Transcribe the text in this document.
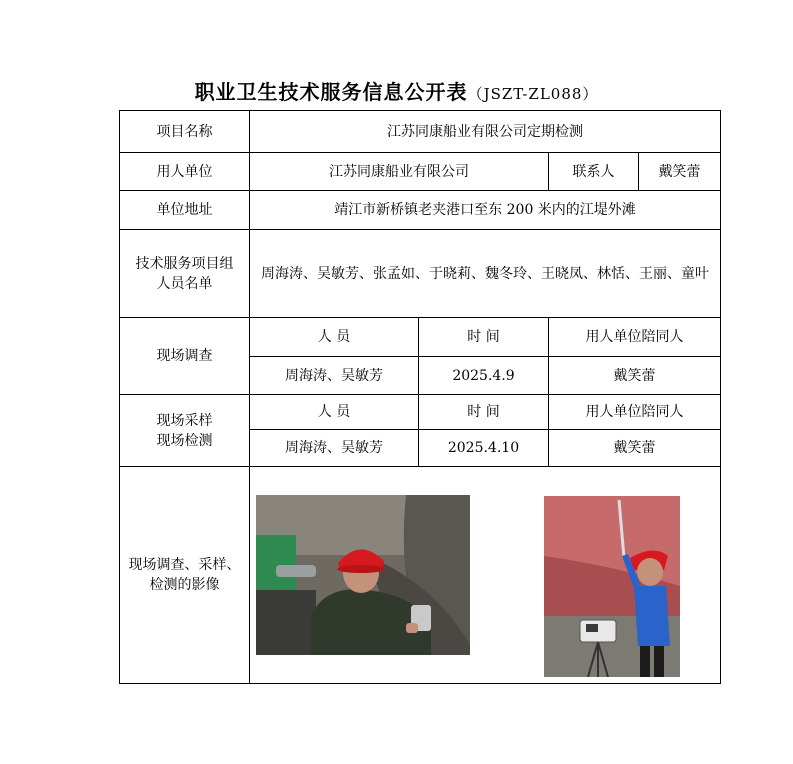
职业卫生技术服务信息公开表（JSZT-ZL088）
项目名称	江苏同康船业有限公司定期检测			
用人单位	江苏同康船业有限公司		联系人	戴笑蕾
单位地址	靖江市新桥镇老夹港口至东 200 米内的江堤外滩			
技术服务项目组人员名单	周海涛、吴敏芳、张孟如、于晓莉、魏冬玲、王晓凤、林恬、王丽、童叶			
现场调查	人 员	时 间	用人单位陪同人	
	周海涛、吴敏芳	2025.4.9	戴笑蕾	
现场采样现场检测	人 员	时 间	用人单位陪同人	
	周海涛、吴敏芳	2025.4.10	戴笑蕾	
现场调查、采样、检测的影像				
